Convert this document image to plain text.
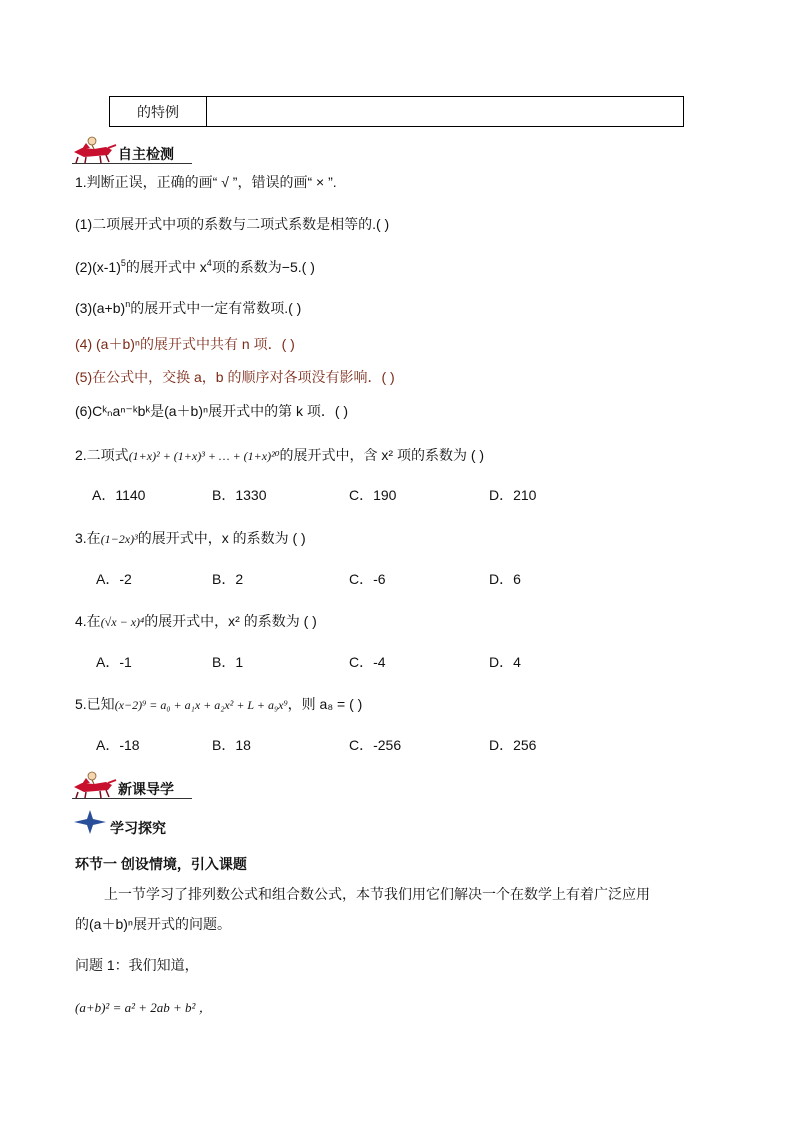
的特例
自主检测
1.判断正误，正确的画“ √ ”，错误的画“ × ”.
(1)二项展开式中项的系数与二项式系数是相等的.( )
$(2)(x-1)^5$的展开式中 $x^4$项的系数为−5.( )
$(3)(a+b)^n$的展开式中一定有常数项.( )
(4) (a＋b)ⁿ的展开式中共有 n 项．( )
(5)在公式中，交换 a，b 的顺序对各项没有影响．( )
(6)Cᵏₙaⁿ⁻ᵏbᵏ是(a＋b)ⁿ展开式中的第 k 项．( )
2.二项式(1+x)² + (1+x)³ + … + (1+x)²⁰的展开式中，含 x² 项的系数为 ( )
A．1140	B．1330	C．190	D．210
3.在(1−2x)³的展开式中，x 的系数为 ( )
A．-2	B．2	C．-6	D．6
4.在(√x − x)⁴的展开式中，x² 的系数为 ( )
A．-1	B．1	C．-4	D．4
5.已知(x−2)⁹ = a₀ + a₁x + a₂x² + L + a₉x⁹，则 a₈ = ( )
A．-18	B．18	C．-256	D．256
新课导学
学习探究
环节一 创设情境，引入课题
上一节学习了排列数公式和组合数公式，本节我们用它们解决一个在数学上有着广泛应用
的(a＋b)ⁿ展开式的问题。
问题 1：我们知道，
(a+b)² = a² + 2ab + b² ，
